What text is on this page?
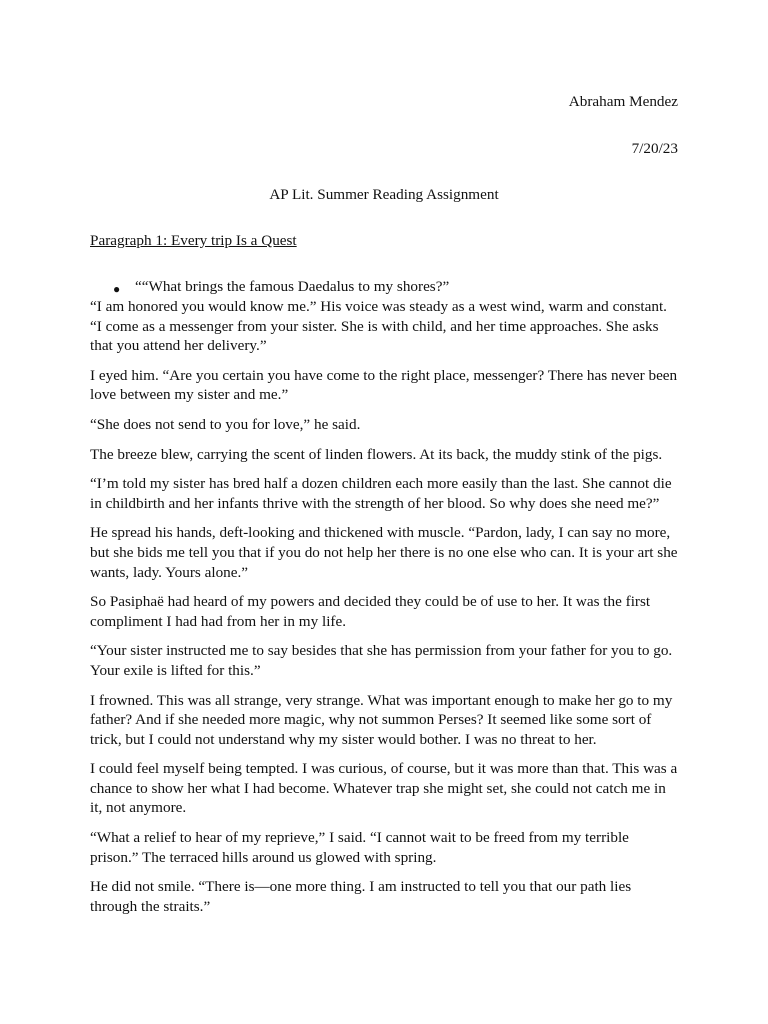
Abraham Mendez
7/20/23
AP Lit. Summer Reading Assignment
Paragraph 1: Every trip Is a Quest
● ““What brings the famous Daedalus to my shores?”

“I am honored you would know me.” His voice was steady as a west wind, warm and constant. “I come as a messenger from your sister. She is with child, and her time approaches. She asks that you attend her delivery.”

I eyed him. “Are you certain you have come to the right place, messenger? There has never been love between my sister and me.”

“She does not send to you for love,” he said.

The breeze blew, carrying the scent of linden flowers. At its back, the muddy stink of the pigs.

“I’m told my sister has bred half a dozen children each more easily than the last. She cannot die in childbirth and her infants thrive with the strength of her blood. So why does she need me?”

He spread his hands, deft-looking and thickened with muscle. “Pardon, lady, I can say no more, but she bids me tell you that if you do not help her there is no one else who can. It is your art she wants, lady. Yours alone.”

So Pasiphaë had heard of my powers and decided they could be of use to her. It was the first compliment I had had from her in my life.

“Your sister instructed me to say besides that she has permission from your father for you to go. Your exile is lifted for this.”

I frowned. This was all strange, very strange. What was important enough to make her go to my father? And if she needed more magic, why not summon Perses? It seemed like some sort of trick, but I could not understand why my sister would bother. I was no threat to her.

I could feel myself being tempted. I was curious, of course, but it was more than that. This was a chance to show her what I had become. Whatever trap she might set, she could not catch me in it, not anymore.

“What a relief to hear of my reprieve,” I said. “I cannot wait to be freed from my terrible prison.” The terraced hills around us glowed with spring.

He did not smile. “There is—one more thing. I am instructed to tell you that our path lies through the straits.”
